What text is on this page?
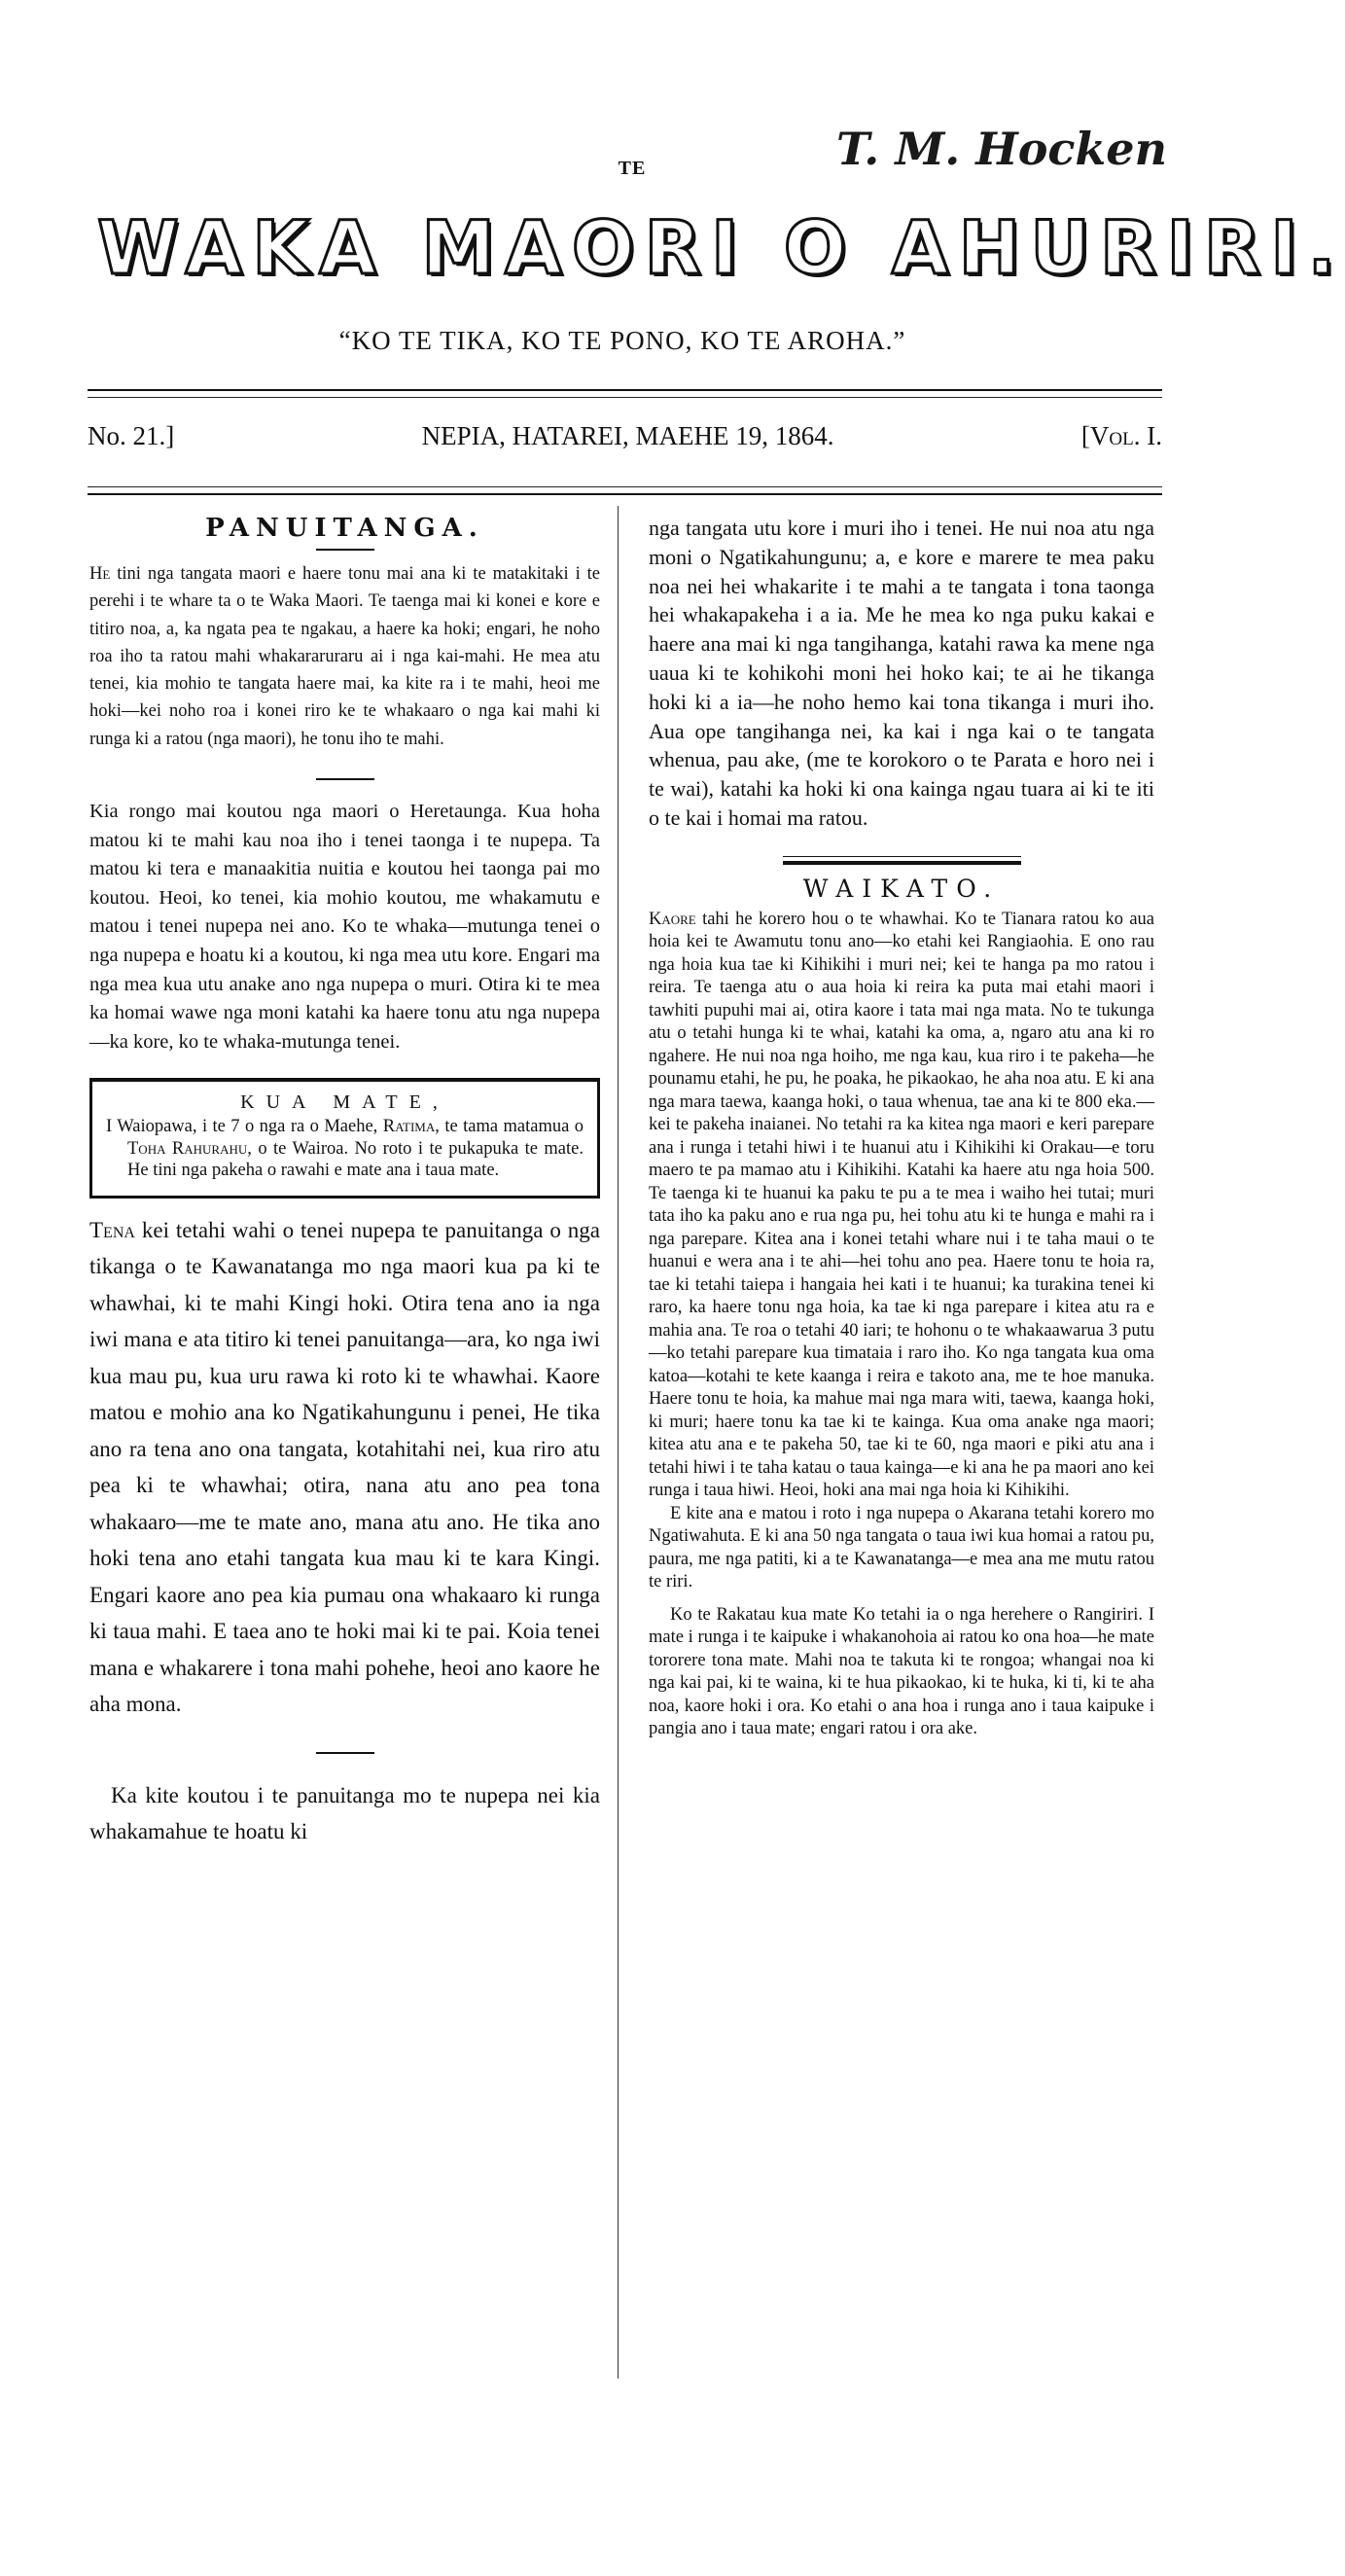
T. M. Hocken
TE
WAKA MAORI O AHURIRI.
“KO TE TIKA, KO TE PONO, KO TE AROHA.”
No. 21.]	NEPIA, HATAREI, MAEHE 19, 1864.	[Vol. I.
PANUITANGA.

He tini nga tangata maori e haere tonu mai ana ki te matakitaki i te perehi i te whare ta o te Waka Maori. Te taenga mai ki konei e kore e titiro noa, a, ka ngata pea te ngakau, a haere ka hoki; engari, he noho roa iho ta ratou mahi whakararuraru ai i nga kai-mahi. He mea atu tenei, kia mohio te tangata haere mai, ka kite ra i te mahi, heoi me hoki—kei noho roa i konei riro ke te whakaaro o nga kai mahi ki runga ki a ratou (nga maori), he tonu iho te mahi.

Kia rongo mai koutou nga maori o Heretaunga. Kua hoha matou ki te mahi kau noa iho i tenei taonga i te nupepa. Ta matou ki tera e manaakitia nuitia e koutou hei taonga pai mo koutou. Heoi, ko tenei, kia mohio koutou, me whakamutu e matou i tenei nupepa nei ano. Ko te whaka—mutunga tenei o nga nupepa e hoatu ki a koutou, ki nga mea utu kore. Engari ma nga mea kua utu anake ano nga nupepa o muri. Otira ki te mea ka homai wawe nga moni katahi ka haere tonu atu nga nupepa—ka kore, ko te whaka-mutunga tenei.

KUA MATE,
I Waiopawa, i te 7 o nga ra o Maehe, Ratima, te tama matamua o Toha Rahurahu, o te Wairoa. No roto i te pukapuka te mate. He tini nga pakeha o rawahi e mate ana i taua mate.

Tena kei tetahi wahi o tenei nupepa te panuitanga o nga tikanga o te Kawanatanga mo nga maori kua pa ki te whawhai, ki te mahi Kingi hoki. Otira tena ano ia nga iwi mana e ata titiro ki tenei panuitanga—ara, ko nga iwi kua mau pu, kua uru rawa ki roto ki te whawhai. Kaore matou e mohio ana ko Ngatikahungunu i penei, He tika ano ra tena ano ona tangata, kotahitahi nei, kua riro atu pea ki te whawhai; otira, nana atu ano pea tona whakaaro—me te mate ano, mana atu ano. He tika ano hoki tena ano etahi tangata kua mau ki te kara Kingi. Engari kaore ano pea kia pumau ona whakaaro ki runga ki taua mahi. E taea ano te hoki mai ki te pai. Koia tenei mana e whakarere i tona mahi pohehe, heoi ano kaore he aha mona.

Ka kite koutou i te panuitanga mo te nupepa nei kia whakamahue te hoatu ki

nga tangata utu kore i muri iho i tenei. He nui noa atu nga moni o Ngatikahungunu; a, e kore e marere te mea paku noa nei hei whakarite i te mahi a te tangata i tona taonga hei whakapakeha i a ia. Me he mea ko nga puku kakai e haere ana mai ki nga tangihanga, katahi rawa ka mene nga uaua ki te kohikohi moni hei hoko kai; te ai he tikanga hoki ki a ia—he noho hemo kai tona tikanga i muri iho. Aua ope tangihanga nei, ka kai i nga kai o te tangata whenua, pau ake, (me te korokoro o te Parata e horo nei i te wai), katahi ka hoki ki ona kainga ngau tuara ai ki te iti o te kai i homai ma ratou.

WAIKATO.

Kaore tahi he korero hou o te whawhai. Ko te Tianara ratou ko aua hoia kei te Awamutu tonu ano—ko etahi kei Rangiaohia. E ono rau nga hoia kua tae ki Kihikihi i muri nei; kei te hanga pa mo ratou i reira. Te taenga atu o aua hoia ki reira ka puta mai etahi maori i tawhiti pupuhi mai ai, otira kaore i tata mai nga mata. No te tukunga atu o tetahi hunga ki te whai, katahi ka oma, a, ngaro atu ana ki ro ngahere. He nui noa nga hoiho, me nga kau, kua riro i te pakeha—he pounamu etahi, he pu, he poaka, he pikaokao, he aha noa atu. E ki ana nga mara taewa, kaanga hoki, o taua whenua, tae ana ki te 800 eka.—kei te pakeha inaianei. No tetahi ra ka kitea nga maori e keri parepare ana i runga i tetahi hiwi i te huanui atu i Kihikihi ki Orakau—e toru maero te pa mamao atu i Kihikihi. Katahi ka haere atu nga hoia 500. Te taenga ki te huanui ka paku te pu a te mea i waiho hei tutai; muri tata iho ka paku ano e rua nga pu, hei tohu atu ki te hunga e mahi ra i nga parepare. Kitea ana i konei tetahi whare nui i te taha maui o te huanui e wera ana i te ahi—hei tohu ano pea. Haere tonu te hoia ra, tae ki tetahi taiepa i hangaia hei kati i te huanui; ka turakina tenei ki raro, ka haere tonu nga hoia, ka tae ki nga parepare i kitea atu ra e mahia ana. Te roa o tetahi 40 iari; te hohonu o te whakaawarua 3 putu—ko tetahi parepare kua timataia i raro iho. Ko nga tangata kua oma katoa—kotahi te kete kaanga i reira e takoto ana, me te hoe manuka. Haere tonu te hoia, ka mahue mai nga mara witi, taewa, kaanga hoki, ki muri; haere tonu ka tae ki te kainga. Kua oma anake nga maori; kitea atu ana e te pakeha 50, tae ki te 60, nga maori e piki atu ana i tetahi hiwi i te taha katau o taua kainga—e ki ana he pa maori ano kei runga i taua hiwi. Heoi, hoki ana mai nga hoia ki Kihikihi.

E kite ana e matou i roto i nga nupepa o Akarana tetahi korero mo Ngatiwahuta. E ki ana 50 nga tangata o taua iwi kua homai a ratou pu, paura, me nga patiti, ki a te Kawanatanga—e mea ana me mutu ratou te riri.

Ko te Rakatau kua mate Ko tetahi ia o nga herehere o Rangiriri. I mate i runga i te kaipuke i whakanohoia ai ratou ko ona hoa—he mate tororere tona mate. Mahi noa te takuta ki te rongoa; whangai noa ki nga kai pai, ki te waina, ki te hua pikaokao, ki te huka, ki ti, ki te aha noa, kaore hoki i ora. Ko etahi o ana hoa i runga ano i taua kaipuke i pangia ano i taua mate; engari ratou i ora ake.
